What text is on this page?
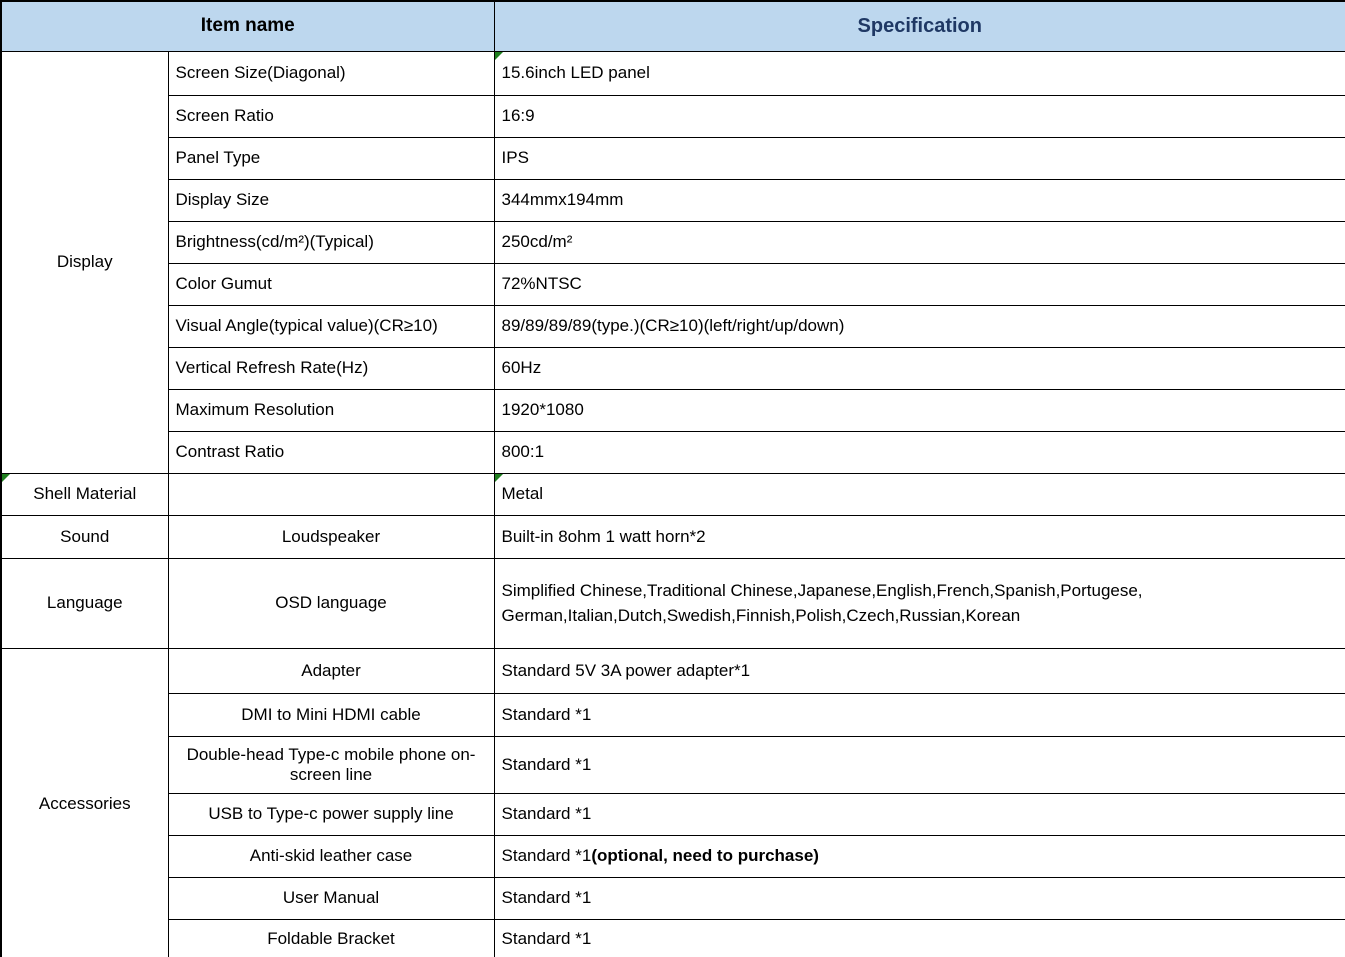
Item name		Specification
Display	Screen Size(Diagonal)	15.6inch LED panel
	Screen Ratio	16:9
	Panel Type	IPS
	Display Size	344mmx194mm
	Brightness(cd/m²)(Typical)	250cd/m²
	Color Gumut	72%NTSC
	Visual Angle(typical value)(CR≥10)	89/89/89/89(type.)(CR≥10)(left/right/up/down)
	Vertical Refresh Rate(Hz)	60Hz
	Maximum Resolution	1920*1080
	Contrast Ratio	800:1

Shell Material		Metal
Sound	Loudspeaker	Built-in 8ohm 1 watt horn*2
Language	OSD language	Simplified Chinese,Traditional Chinese,Japanese,English,French,Spanish,Portugese,
German,Italian,Dutch,Swedish,Finnish,Polish,Czech,Russian,Korean

Accessories	Adapter	Standard 5V 3A power adapter*1
	DMI to Mini HDMI cable	Standard *1
	Double-head Type-c mobile phone on-screen line	Standard *1
	USB to Type-c power supply line	Standard *1
	Anti-skid leather case	Standard *1(optional, need to purchase)
	User Manual	Standard *1
	Foldable Bracket	Standard *1
